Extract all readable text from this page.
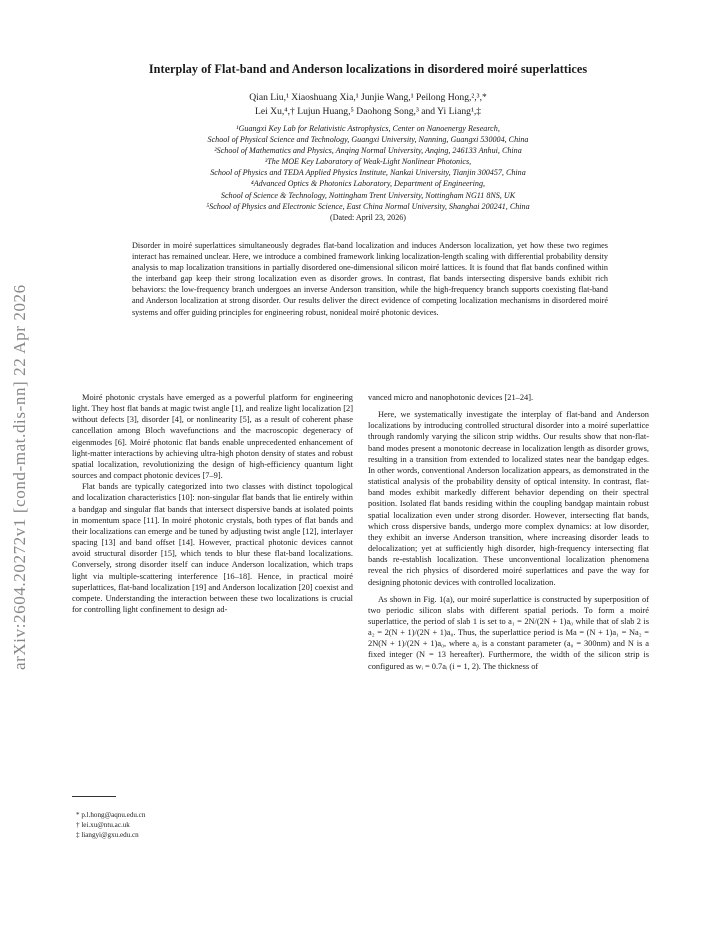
arXiv:2604.20272v1 [cond-mat.dis-nn] 22 Apr 2026
Interplay of Flat-band and Anderson localizations in disordered moiré superlattices
Qian Liu,¹ Xiaoshuang Xia,¹ Junjie Wang,¹ Peilong Hong,²,³,*
Lei Xu,⁴,† Lujun Huang,⁵ Daohong Song,³ and Yi Liang¹,‡
¹Guangxi Key Lab for Relativistic Astrophysics, Center on Nanoenergy Research,
School of Physical Science and Technology, Guangxi University, Nanning, Guangxi 530004, China
²School of Mathematics and Physics, Anqing Normal University, Anqing, 246133 Anhui, China
³The MOE Key Laboratory of Weak-Light Nonlinear Photonics,
School of Physics and TEDA Applied Physics Institute, Nankai University, Tianjin 300457, China
⁴Advanced Optics & Photonics Laboratory, Department of Engineering,
School of Science & Technology, Nottingham Trent University, Nottingham NG11 8NS, UK
⁵School of Physics and Electronic Science, East China Normal University, Shanghai 200241, China
(Dated: April 23, 2026)
Disorder in moiré superlattices simultaneously degrades flat-band localization and induces Anderson localization, yet how these two regimes interact has remained unclear. Here, we introduce a combined framework linking localization-length scaling with differential probability density analysis to map localization transitions in partially disordered one-dimensional silicon moiré lattices. It is found that flat bands confined within the interband gap keep their strong localization even as disorder grows. In contrast, flat bands intersecting dispersive bands exhibit rich behaviors: the low-frequency branch undergoes an inverse Anderson transition, while the high-frequency branch supports coexisting flat-band and Anderson localization at strong disorder. Our results deliver the direct evidence of competing localization mechanisms in disordered moiré systems and offer guiding principles for engineering robust, nonideal moiré photonic devices.

Moiré photonic crystals have emerged as a powerful platform for engineering light. They host flat bands at magic twist angle [1], and realize light localization [2] without defects [3], disorder [4], or nonlinearity [5], as a result of coherent phase cancellation among Bloch wavefunctions and the macroscopic degeneracy of eigenmodes [6]. Moiré photonic flat bands enable unprecedented enhancement of light-matter interactions by achieving ultra-high photon density of states and robust spatial localization, revolutionizing the design of high-efficiency quantum light sources and compact photonic devices [7–9].

Flat bands are typically categorized into two classes with distinct topological and localization characteristics [10]: non-singular flat bands that lie entirely within a bandgap and singular flat bands that intersect dispersive bands at isolated points in momentum space [11]. In moiré photonic crystals, both types of flat bands and their localizations can emerge and be tuned by adjusting twist angle [12], interlayer spacing [13] and band offset [14]. However, practical photonic devices cannot avoid structural disorder [15], which tends to blur these flat-band localizations. Conversely, strong disorder itself can induce Anderson localization, which traps light via multiple-scattering interference [16–18]. Hence, in practical moiré superlattices, flat-band localization [19] and Anderson localization [20] coexist and compete. Understanding the interaction between these two localizations is crucial for controlling light confinement to design ad-

vanced micro and nanophotonic devices [21–24].

Here, we systematically investigate the interplay of flat-band and Anderson localizations by introducing controlled structural disorder into a moiré superlattice through randomly varying the silicon strip widths. Our results show that non-flat-band modes present a monotonic decrease in localization length as disorder grows, resulting in a transition from extended to localized states near the bandgap edges. In other words, conventional Anderson localization appears, as demonstrated in the statistical analysis of the probability density of optical intensity. In contrast, flat-band modes exhibit markedly different behavior depending on their spectral position. Isolated flat bands residing within the coupling bandgap maintain robust spatial localization even under strong disorder. However, intersecting flat bands, which cross dispersive bands, undergo more complex dynamics: at low disorder, they exhibit an inverse Anderson transition, where increasing disorder leads to delocalization; yet at sufficiently high disorder, high-frequency intersecting flat bands re-establish localization. These unconventional localization phenomena reveal the rich physics of disordered moiré superlattices and pave the way for designing photonic devices with controlled localization.

As shown in Fig. 1(a), our moiré superlattice is constructed by superposition of two periodic silicon slabs with different spatial periods. To form a moiré superlattice, the period of slab 1 is set to a₁ = 2N/(2N + 1)a₀ while that of slab 2 is a₂ = 2(N + 1)/(2N + 1)a₀. Thus, the superlattice period is Ma = (N + 1)a₁ = Na₂ = 2N(N + 1)/(2N + 1)a₀, where a₀ is a constant parameter (a₀ = 300nm) and N is a fixed integer (N = 13 hereafter). Furthermore, the width of the silicon strip is configured as wᵢ = 0.7aᵢ (i = 1, 2). The thickness of

* p.l.hong@aqnu.edu.cn
† lei.xu@ntu.ac.uk
‡ liangyi@gxu.edu.cn
